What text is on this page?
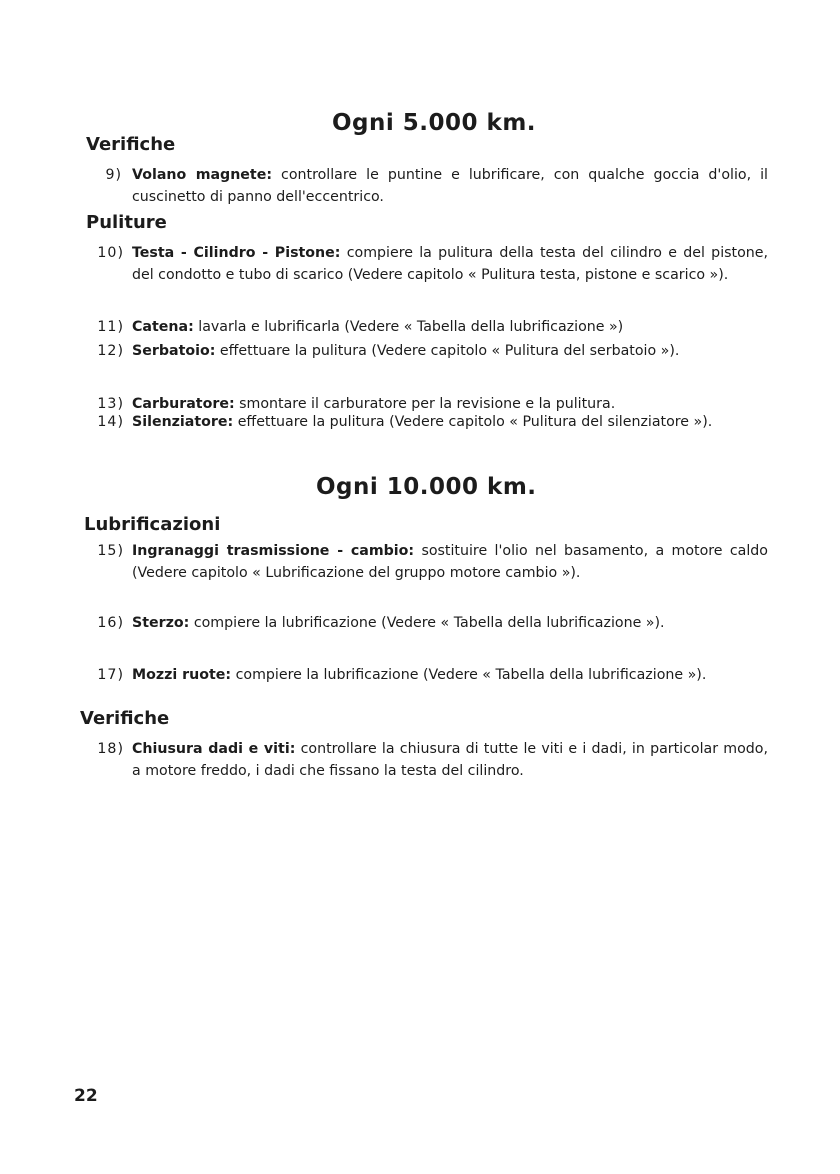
Ogni 5.000 km.
Verifiche
9) Volano magnete: controllare le puntine e lubrificare, con qualche goccia d'olio, il cuscinetto di panno dell'eccentrico.
Puliture
10) Testa - Cilindro - Pistone: compiere la pulitura della testa del cilindro e del pistone, del condotto e tubo di scarico (Vedere capitolo « Pulitura testa, pistone e scarico »).
11) Catena: lavarla e lubrificarla (Vedere « Tabella della lubrificazione »)
12) Serbatoio: effettuare la pulitura (Vedere capitolo « Pulitura del serbatoio »).
13) Carburatore: smontare il carburatore per la revisione e la pulitura.
14) Silenziatore: effettuare la pulitura (Vedere capitolo « Pulitura del silenziatore »).
Ogni 10.000 km.
Lubrificazioni
15) Ingranaggi trasmissione - cambio: sostituire l'olio nel basamento, a motore caldo (Vedere capitolo « Lubrificazione del gruppo motore cambio »).
16) Sterzo: compiere la lubrificazione (Vedere « Tabella della lubrificazione »).
17) Mozzi ruote: compiere la lubrificazione (Vedere « Tabella della lubrificazione »).
Verifiche
18) Chiusura dadi e viti: controllare la chiusura di tutte le viti e i dadi, in particolar modo, a motore freddo, i dadi che fissano la testa del cilindro.
22
